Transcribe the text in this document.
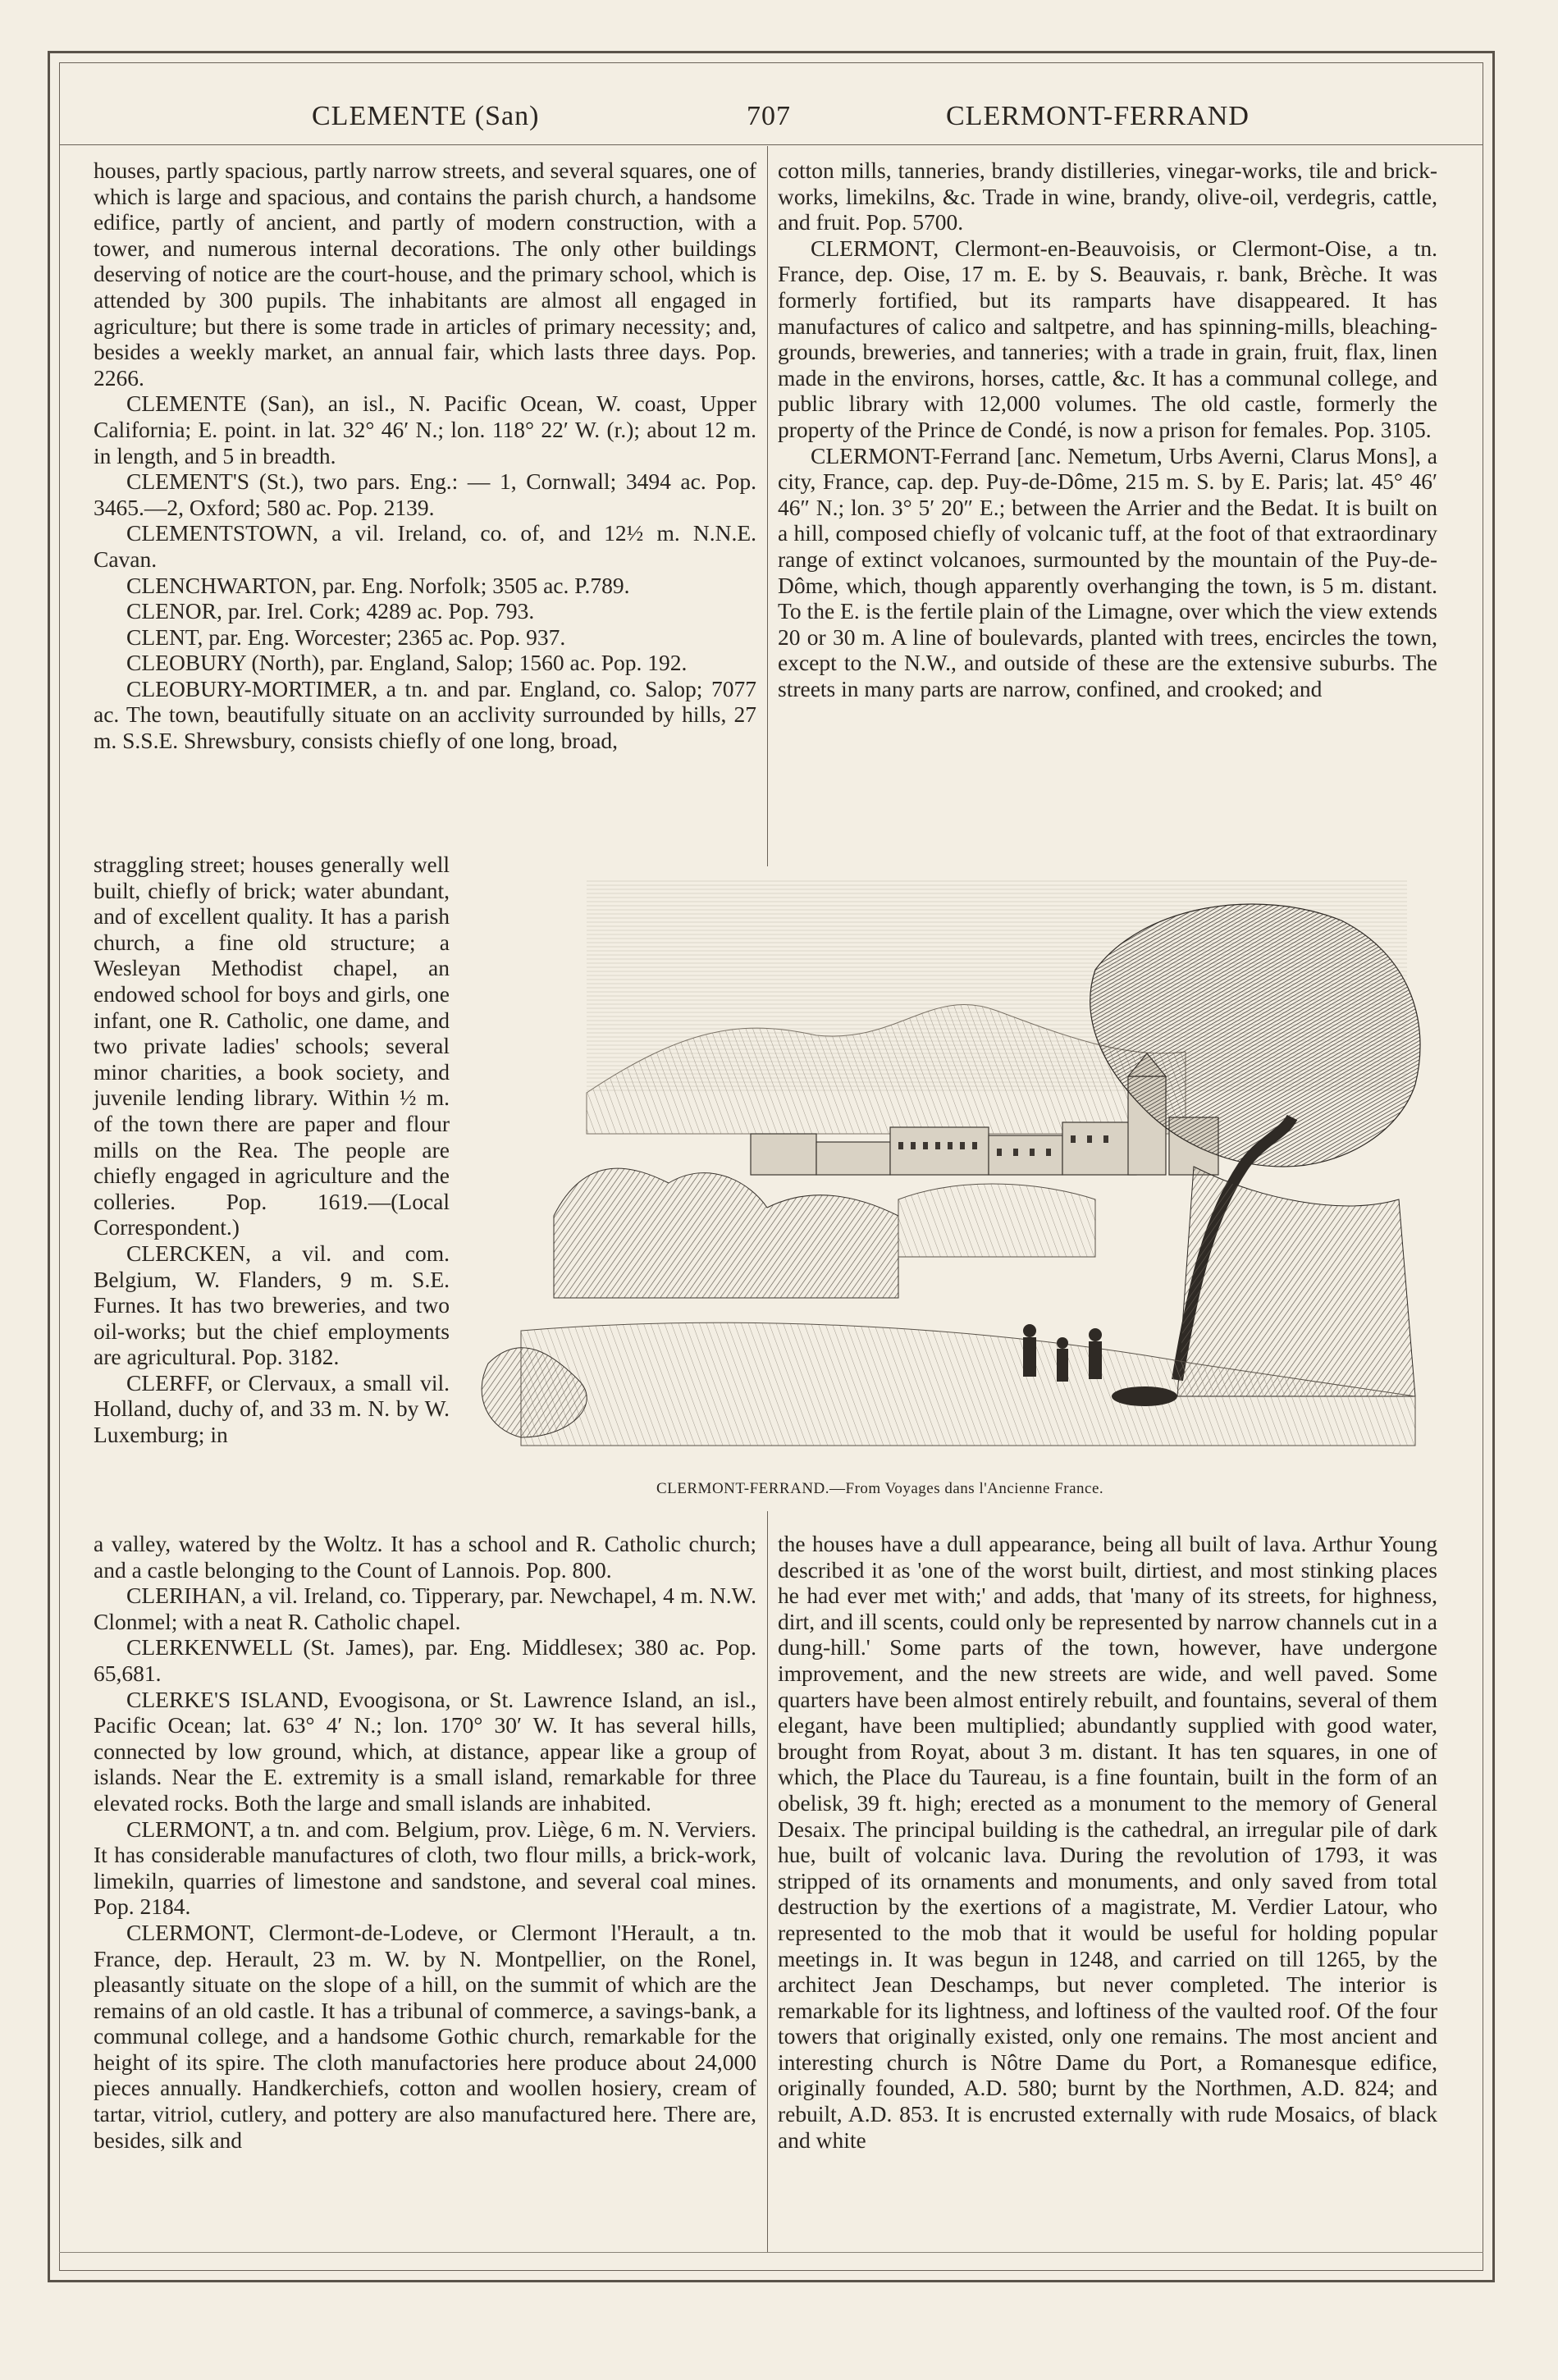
CLEMENTE (San)	707	CLERMONT-FERRAND

houses, partly spacious, partly narrow streets, and several squares, one of which is large and spacious, and contains the parish church, a handsome edifice, partly of ancient, and partly of modern construction, with a tower, and numerous internal decorations. The only other buildings deserving of notice are the court-house, and the primary school, which is attended by 300 pupils. The inhabitants are almost all engaged in agriculture; but there is some trade in articles of primary necessity; and, besides a weekly market, an annual fair, which lasts three days. Pop. 2266.

CLEMENTE (San), an isl., N. Pacific Ocean, W. coast, Upper California; E. point. in lat. 32° 46′ N.; lon. 118° 22′ W. (r.); about 12 m. in length, and 5 in breadth.

CLEMENT'S (St.), two pars. Eng.: — 1, Cornwall; 3494 ac. Pop. 3465.—2, Oxford; 580 ac. Pop. 2139.

CLEMENTSTOWN, a vil. Ireland, co. of, and 12½ m. N.N.E. Cavan.

CLENCHWARTON, par. Eng. Norfolk; 3505 ac. P.789.

CLENOR, par. Irel. Cork; 4289 ac. Pop. 793.

CLENT, par. Eng. Worcester; 2365 ac. Pop. 937.

CLEOBURY (North), par. England, Salop; 1560 ac. Pop. 192.

CLEOBURY-MORTIMER, a tn. and par. England, co. Salop; 7077 ac. The town, beautifully situate on an acclivity surrounded by hills, 27 m. S.S.E. Shrewsbury, consists chiefly of one long, broad,

straggling street; houses generally well built, chiefly of brick; water abundant, and of excellent quality. It has a parish church, a fine old structure; a Wesleyan Methodist chapel, an endowed school for boys and girls, one infant, one R. Catholic, one dame, and two private ladies' schools; several minor charities, a book society, and juvenile lending library. Within ½ m. of the town there are paper and flour mills on the Rea. The people are chiefly engaged in agriculture and the colleries. Pop. 1619.—(Local Correspondent.)

CLERCKEN, a vil. and com. Belgium, W. Flanders, 9 m. S.E. Furnes. It has two breweries, and two oil-works; but the chief employments are agricultural. Pop. 3182.

CLERFF, or Clervaux, a small vil. Holland, duchy of, and 33 m. N. by W. Luxemburg; in

a valley, watered by the Woltz. It has a school and R. Catholic church; and a castle belonging to the Count of Lannois. Pop. 800.

CLERIHAN, a vil. Ireland, co. Tipperary, par. Newchapel, 4 m. N.W. Clonmel; with a neat R. Catholic chapel.

CLERKENWELL (St. James), par. Eng. Middlesex; 380 ac. Pop. 65,681.

CLERKE'S ISLAND, Evoogisona, or St. Lawrence Island, an isl., Pacific Ocean; lat. 63° 4′ N.; lon. 170° 30′ W. It has several hills, connected by low ground, which, at distance, appear like a group of islands. Near the E. extremity is a small island, remarkable for three elevated rocks. Both the large and small islands are inhabited.

CLERMONT, a tn. and com. Belgium, prov. Liège, 6 m. N. Verviers. It has considerable manufactures of cloth, two flour mills, a brick-work, limekiln, quarries of limestone and sandstone, and several coal mines. Pop. 2184.

CLERMONT, Clermont-de-Lodeve, or Clermont l'Herault, a tn. France, dep. Herault, 23 m. W. by N. Montpellier, on the Ronel, pleasantly situate on the slope of a hill, on the summit of which are the remains of an old castle. It has a tribunal of commerce, a savings-bank, a communal college, and a handsome Gothic church, remarkable for the height of its spire. The cloth manufactories here produce about 24,000 pieces annually. Handkerchiefs, cotton and woollen hosiery, cream of tartar, vitriol, cutlery, and pottery are also manufactured here. There are, besides, silk and

cotton mills, tanneries, brandy distilleries, vinegar-works, tile and brick-works, limekilns, &c. Trade in wine, brandy, olive-oil, verdegris, cattle, and fruit. Pop. 5700.

CLERMONT, Clermont-en-Beauvoisis, or Clermont-Oise, a tn. France, dep. Oise, 17 m. E. by S. Beauvais, r. bank, Brèche. It was formerly fortified, but its ramparts have disappeared. It has manufactures of calico and saltpetre, and has spinning-mills, bleaching-grounds, breweries, and tanneries; with a trade in grain, fruit, flax, linen made in the environs, horses, cattle, &c. It has a communal college, and public library with 12,000 volumes. The old castle, formerly the property of the Prince de Condé, is now a prison for females. Pop. 3105.

CLERMONT-Ferrand [anc. Nemetum, Urbs Averni, Clarus Mons], a city, France, cap. dep. Puy-de-Dôme, 215 m. S. by E. Paris; lat. 45° 46′ 46″ N.; lon. 3° 5′ 20″ E.; between the Arrier and the Bedat. It is built on a hill, composed chiefly of volcanic tuff, at the foot of that extraordinary range of extinct volcanoes, surmounted by the mountain of the Puy-de-Dôme, which, though apparently overhanging the town, is 5 m. distant. To the E. is the fertile plain of the Limagne, over which the view extends 20 or 30 m. A line of boulevards, planted with trees, encircles the town, except to the N.W., and outside of these are the extensive suburbs. The streets in many parts are narrow, confined, and crooked; and

the houses have a dull appearance, being all built of lava. Arthur Young described it as 'one of the worst built, dirtiest, and most stinking places he had ever met with;' and adds, that 'many of its streets, for highness, dirt, and ill scents, could only be represented by narrow channels cut in a dung-hill.' Some parts of the town, however, have undergone improvement, and the new streets are wide, and well paved. Some quarters have been almost entirely rebuilt, and fountains, several of them elegant, have been multiplied; abundantly supplied with good water, brought from Royat, about 3 m. distant. It has ten squares, in one of which, the Place du Taureau, is a fine fountain, built in the form of an obelisk, 39 ft. high; erected as a monument to the memory of General Desaix. The principal building is the cathedral, an irregular pile of dark hue, built of volcanic lava. During the revolution of 1793, it was stripped of its ornaments and monuments, and only saved from total destruction by the exertions of a magistrate, M. Verdier Latour, who represented to the mob that it would be useful for holding popular meetings in. It was begun in 1248, and carried on till 1265, by the architect Jean Deschamps, but never completed. The interior is remarkable for its lightness, and loftiness of the vaulted roof. Of the four towers that originally existed, only one remains. The most ancient and interesting church is Nôtre Dame du Port, a Romanesque edifice, originally founded, A.D. 580; burnt by the Northmen, A.D. 824; and rebuilt, A.D. 853. It is encrusted externally with rude Mosaics, of black and white

CLERMONT-FERRAND.—From Voyages dans l'Ancienne France.
